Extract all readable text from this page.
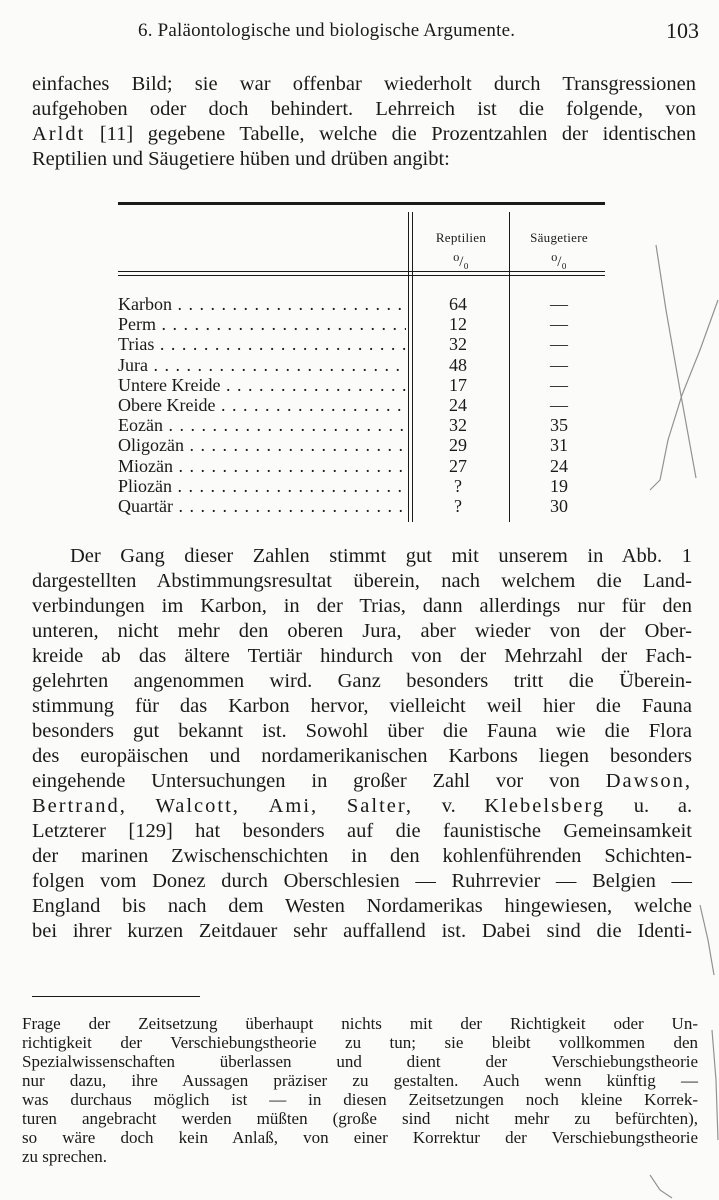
6. Paläontologische und biologische Argumente.	103
einfaches Bild; sie war offenbar wiederholt durch Transgressionen
aufgehoben oder doch behindert. Lehrreich ist die folgende, von
Arldt [11] gegebene Tabelle, welche die Prozentzahlen der identischen
Reptilien und Säugetiere hüben und drüben angibt:
Reptilien	Säugetiere
⁰/₀	⁰/₀
Karbon . . .	64	—
Perm . . .	12	—
Trias . . .	32	—
Jura . . .	48	—
Untere Kreide . . .	17	—
Obere Kreide . . .	24	—
Eozän . . .	32	35
Oligozän . . .	29	31
Miozän . . .	27	24
Pliozän . . .	?	19
Quartär . . .	?	30
Der Gang dieser Zahlen stimmt gut mit unserem in Abb. 1
dargestellten Abstimmungsresultat überein, nach welchem die Land-
verbindungen im Karbon, in der Trias, dann allerdings nur für den
unteren, nicht mehr den oberen Jura, aber wieder von der Ober-
kreide ab das ältere Tertiär hindurch von der Mehrzahl der Fach-
gelehrten angenommen wird. Ganz besonders tritt die Überein-
stimmung für das Karbon hervor, vielleicht weil hier die Fauna
besonders gut bekannt ist. Sowohl über die Fauna wie die Flora
des europäischen und nordamerikanischen Karbons liegen besonders
eingehende Untersuchungen in großer Zahl vor von Dawson,
Bertrand, Walcott, Ami, Salter, v. Klebelsberg u. a.
Letzterer [129] hat besonders auf die faunistische Gemeinsamkeit
der marinen Zwischenschichten in den kohlenführenden Schichten-
folgen vom Donez durch Oberschlesien — Ruhrrevier — Belgien —
England bis nach dem Westen Nordamerikas hingewiesen, welche
bei ihrer kurzen Zeitdauer sehr auffallend ist. Dabei sind die Identi-
Frage der Zeitsetzung überhaupt nichts mit der Richtigkeit oder Un-
richtigkeit der Verschiebungstheorie zu tun; sie bleibt vollkommen den
Spezialwissenschaften überlassen und dient der Verschiebungstheorie
nur dazu, ihre Aussagen präziser zu gestalten. Auch wenn künftig —
was durchaus möglich ist — in diesen Zeitsetzungen noch kleine Korrek-
turen angebracht werden müßten (große sind nicht mehr zu befürchten),
so wäre doch kein Anlaß, von einer Korrektur der Verschiebungstheorie
zu sprechen.
